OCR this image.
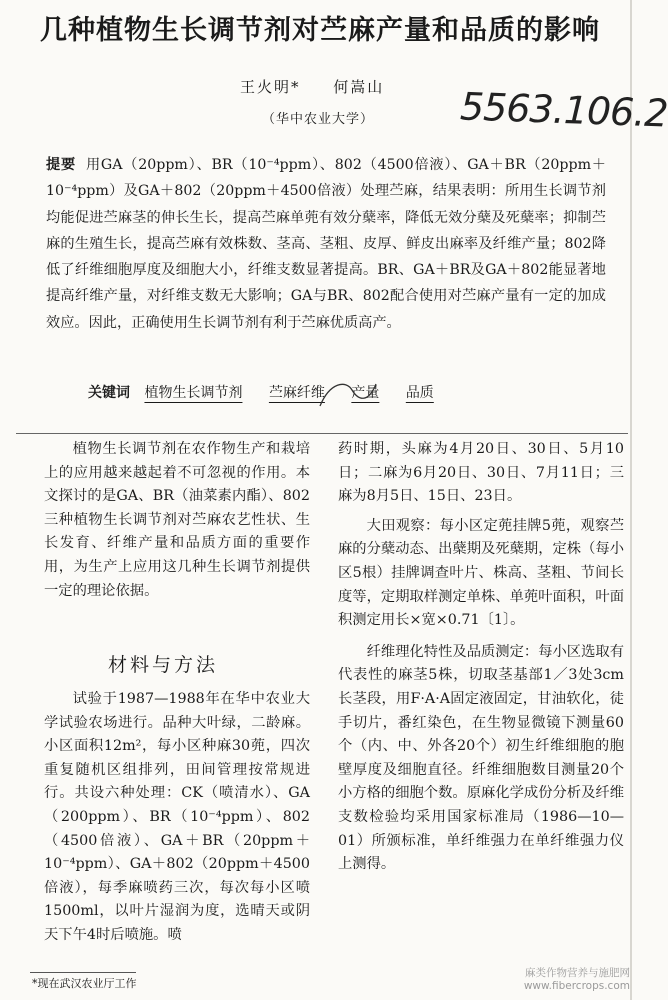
几种植物生长调节剂对苎麻产量和品质的影响
王火明* 何嵩山	5563.106.2
（华中农业大学）

提要 用GA（20ppm）、BR（10⁻⁴ppm）、802（4500倍液）、GA＋BR（20ppm＋10⁻⁴ppm）及GA＋802（20ppm＋4500倍液）处理苎麻，结果表明：所用生长调节剂均能促进苎麻茎的伸长生长，提高苎麻单蔸有效分蘖率，降低无效分蘖及死蘖率；抑制苎麻的生殖生长，提高苎麻有效株数、茎高、茎粗、皮厚、鲜皮出麻率及纤维产量；802降低了纤维细胞厚度及细胞大小，纤维支数显著提高。BR、GA＋BR及GA＋802能显著地提高纤维产量，对纤维支数无大影响；GA与BR、802配合使用对苎麻产量有一定的加成效应。因此，正确使用生长调节剂有利于苎麻优质高产。

关键词 植物生长调节剂 苎麻纤维 产量 品质

植物生长调节剂在农作物生产和栽培上的应用越来越起着不可忽视的作用。本文探讨的是GA、BR（油菜素内酯）、802三种植物生长调节剂对苎麻农艺性状、生长发育、纤维产量和品质方面的重要作用，为生产上应用这几种生长调节剂提供一定的理论依据。

材料与方法

试验于1987—1988年在华中农业大学试验农场进行。品种大叶绿，二龄麻。小区面积12m²，每小区种麻30蔸，四次重复随机区组排列，田间管理按常规进行。共设六种处理：CK（喷清水）、GA（200ppm）、BR（10⁻⁴ppm）、802（4500倍液）、GA＋BR（20ppm＋10⁻⁴ppm）、GA＋802（20ppm＋4500倍液），每季麻喷药三次，每次每小区喷1500ml，以叶片湿润为度，选晴天或阴天下午4时后喷施。喷

药时期，头麻为4月20日、30日、5月10日；二麻为6月20日、30日、7月11日；三麻为8月5日、15日、23日。

大田观察：每小区定蔸挂牌5蔸，观察苎麻的分蘖动态、出蘖期及死蘖期，定株（每小区5根）挂牌调查叶片、株高、茎粗、节间长度等，定期取样测定单株、单蔸叶面积，叶面积测定用长×宽×0.71〔1〕。

纤维理化特性及品质测定：每小区选取有代表性的麻茎5株，切取茎基部1／3处3cm长茎段，用F·A·A固定液固定，甘油软化，徒手切片，番红染色，在生物显微镜下测量60个（内、中、外各20个）初生纤维细胞的胞壁厚度及细胞直径。纤维细胞数目测量20个小方格的细胞个数。原麻化学成份分析及纤维支数检验均采用国家标准局（1986—10—01）所颁标准，单纤维强力在单纤维强力仪上测得。

*现在武汉农业厅工作
麻类作物营养与施肥网
www.fibercrops.com
